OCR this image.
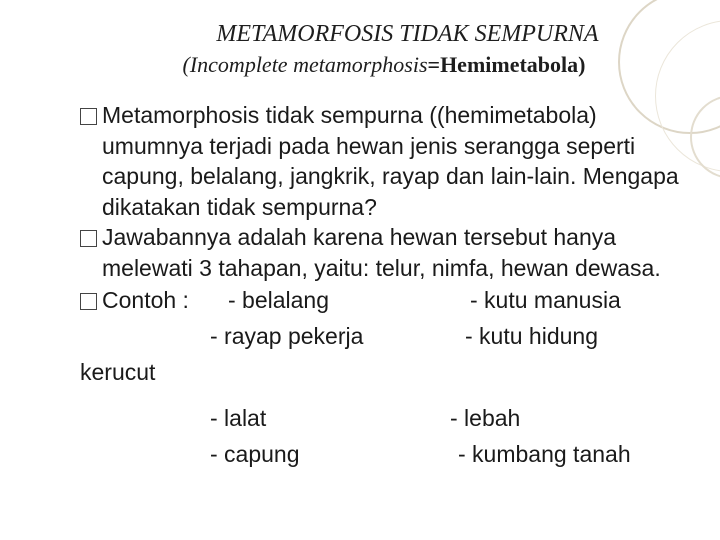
METAMORFOSIS TIDAK SEMPURNA
(Incomplete metamorphosis=Hemimetabola)
Metamorphosis tidak sempurna ((hemimetabola) umumnya terjadi pada hewan jenis serangga seperti capung, belalang, jangkrik, rayap dan lain-lain. Mengapa dikatakan tidak sempurna?
Jawabannya adalah karena hewan tersebut hanya melewati 3 tahapan, yaitu: telur, nimfa, hewan dewasa.
Contoh : - belalang	- kutu manusia
- rayap pekerja	- kutu hidung
kerucut
- lalat	- lebah
- capung	- kumbang tanah
